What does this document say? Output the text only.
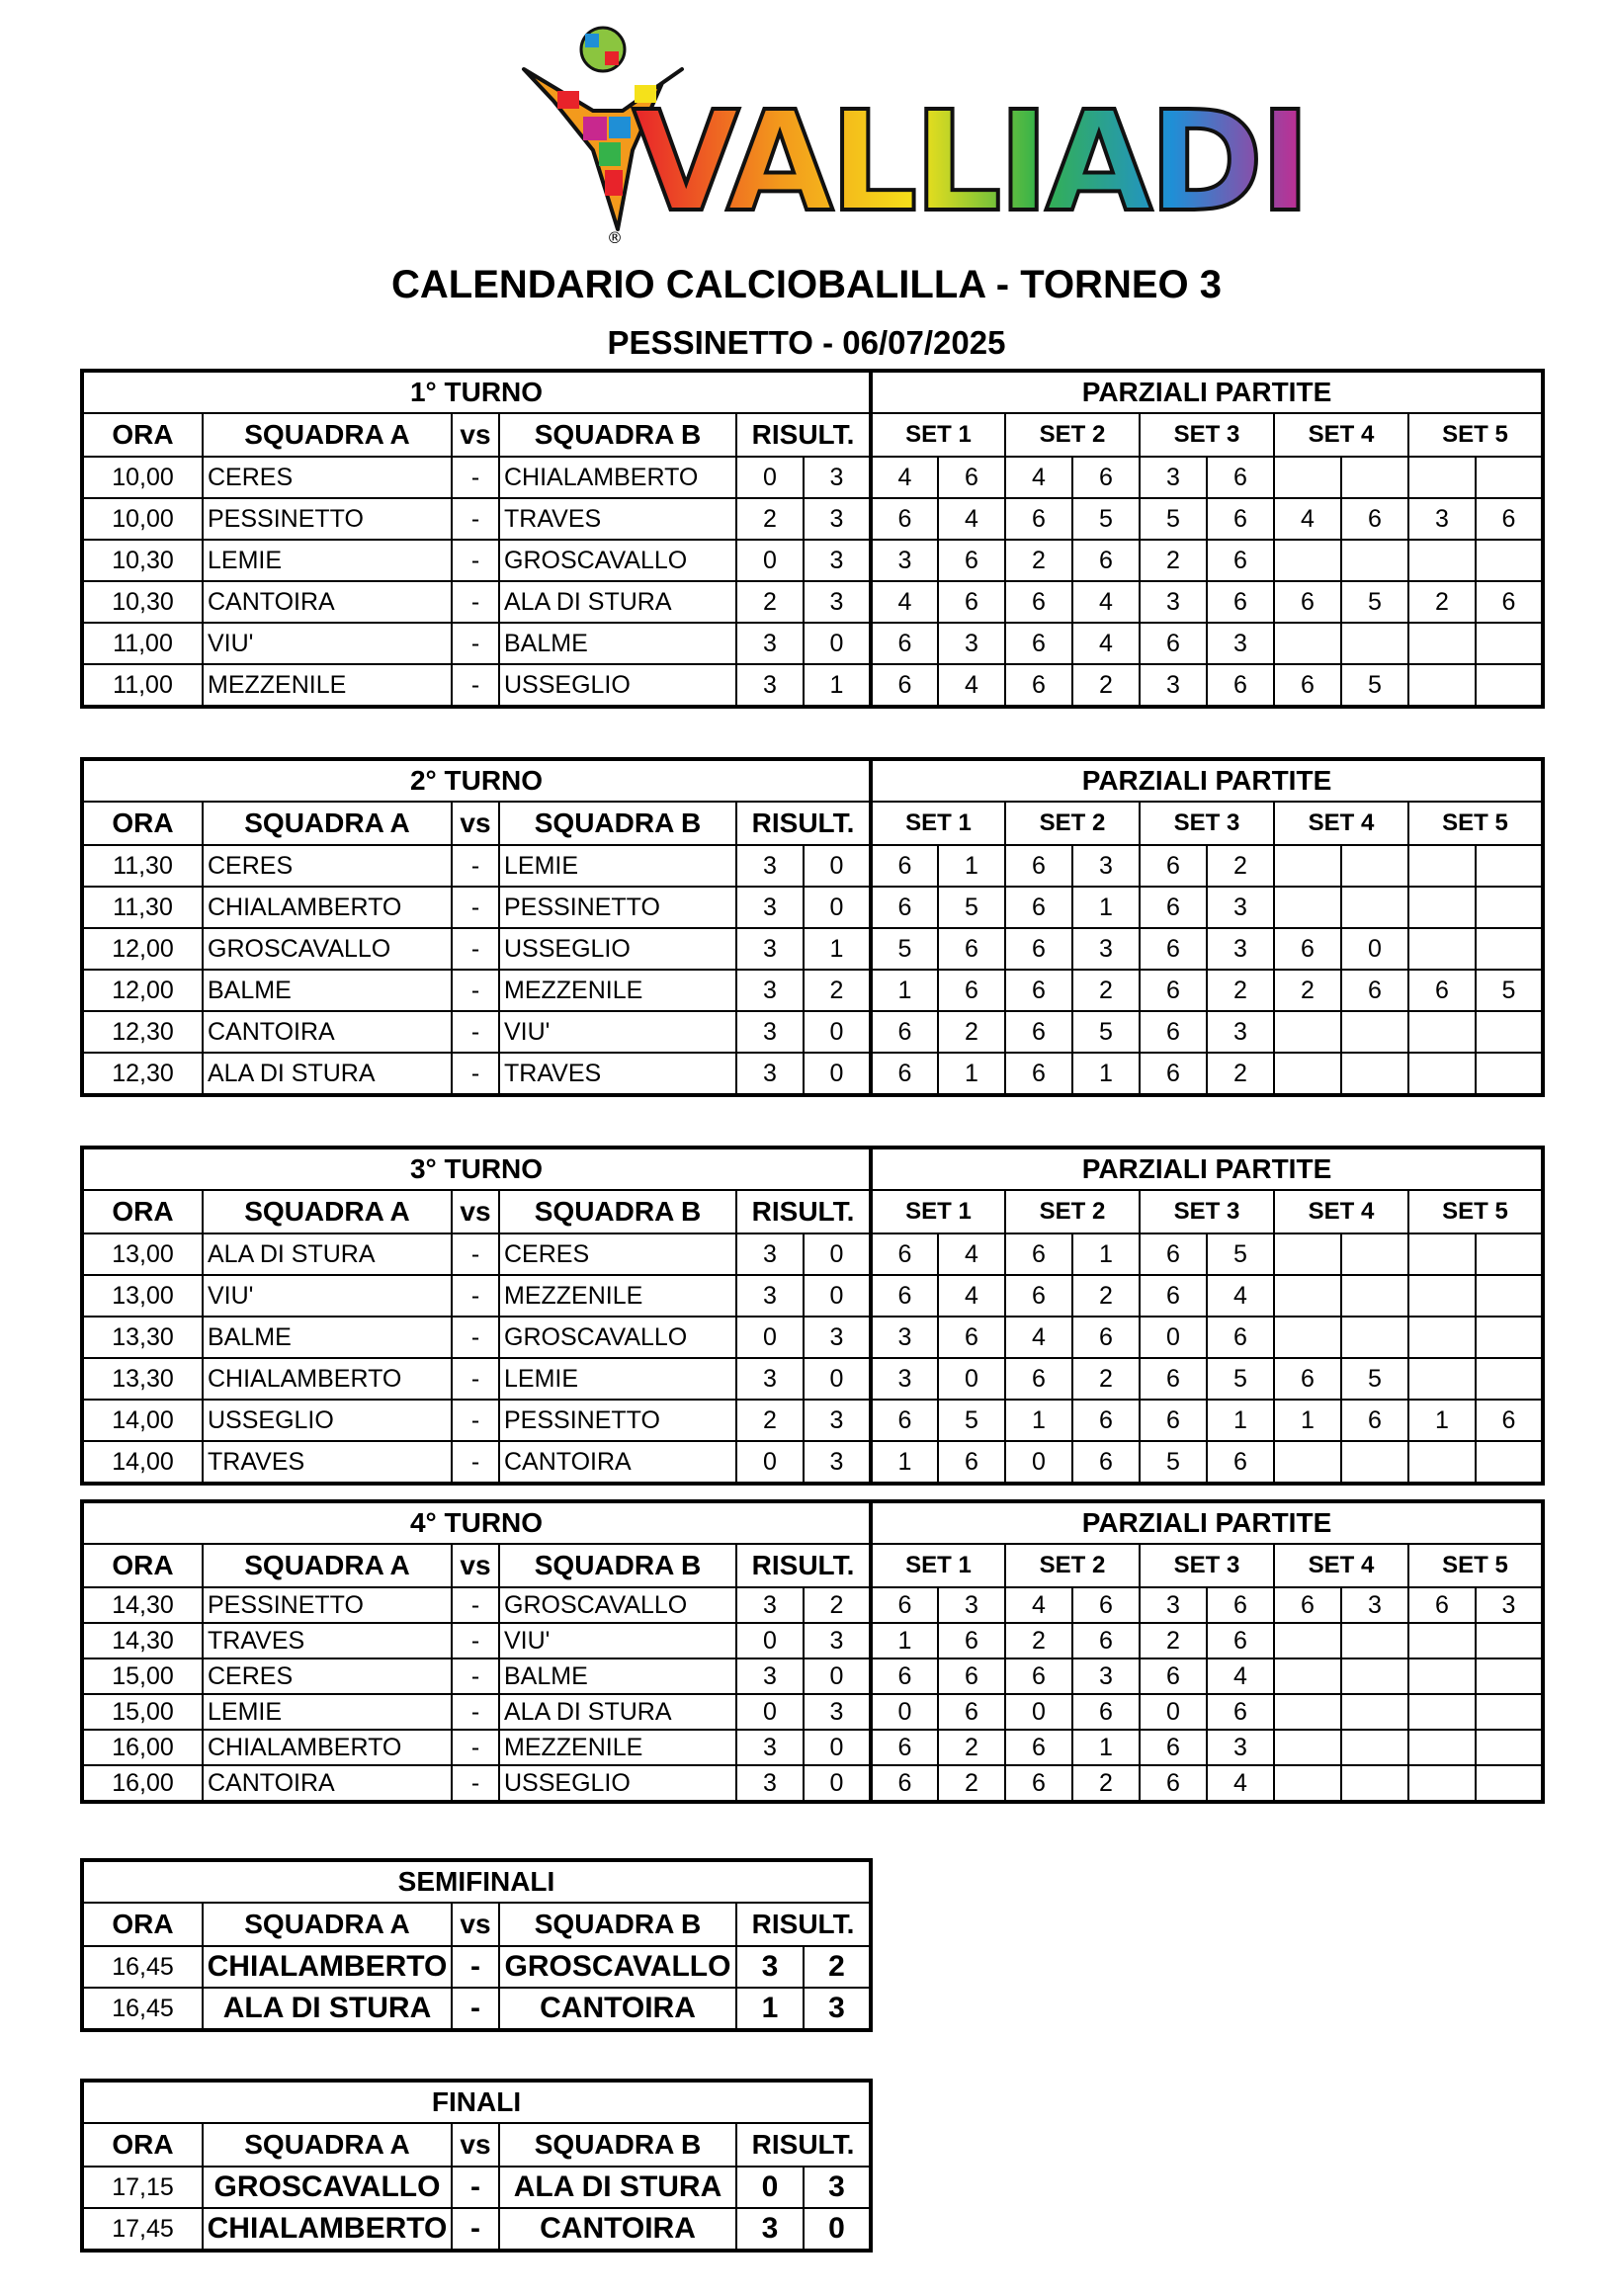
® VALLIADI
CALENDARIO CALCIOBALILLA - TORNEO 3
PESSINETTO - 06/07/2025
1° TURNO						PARZIALI PARTITE									
ORA	SQUADRA A	vs	SQUADRA B	RISULT.		SET 1		SET 2		SET 3		SET 4		SET 5	
10,00	CERES	-	CHIALAMBERTO	0	3	4	6	4	6	3	6				
10,00	PESSINETTO	-	TRAVES	2	3	6	4	6	5	5	6	4	6	3	6
10,30	LEMIE	-	GROSCAVALLO	0	3	3	6	2	6	2	6				
10,30	CANTOIRA	-	ALA DI STURA	2	3	4	6	6	4	3	6	6	5	2	6
11,00	VIU'	-	BALME	3	0	6	3	6	4	6	3				
11,00	MEZZENILE	-	USSEGLIO	3	1	6	4	6	2	3	6	6	5		
2° TURNO						PARZIALI PARTITE									
ORA	SQUADRA A	vs	SQUADRA B	RISULT.		SET 1		SET 2		SET 3		SET 4		SET 5	
11,30	CERES	-	LEMIE	3	0	6	1	6	3	6	2				
11,30	CHIALAMBERTO	-	PESSINETTO	3	0	6	5	6	1	6	3				
12,00	GROSCAVALLO	-	USSEGLIO	3	1	5	6	6	3	6	3	6	0		
12,00	BALME	-	MEZZENILE	3	2	1	6	6	2	6	2	2	6	6	5
12,30	CANTOIRA	-	VIU'	3	0	6	2	6	5	6	3				
12,30	ALA DI STURA	-	TRAVES	3	0	6	1	6	1	6	2				
3° TURNO						PARZIALI PARTITE									
ORA	SQUADRA A	vs	SQUADRA B	RISULT.		SET 1		SET 2		SET 3		SET 4		SET 5	
13,00	ALA DI STURA	-	CERES	3	0	6	4	6	1	6	5				
13,00	VIU'	-	MEZZENILE	3	0	6	4	6	2	6	4				
13,30	BALME	-	GROSCAVALLO	0	3	3	6	4	6	0	6				
13,30	CHIALAMBERTO	-	LEMIE	3	0	3	0	6	2	6	5	6	5		
14,00	USSEGLIO	-	PESSINETTO	2	3	6	5	1	6	6	1	1	6	1	6
14,00	TRAVES	-	CANTOIRA	0	3	1	6	0	6	5	6				
4° TURNO						PARZIALI PARTITE									
ORA	SQUADRA A	vs	SQUADRA B	RISULT.		SET 1		SET 2		SET 3		SET 4		SET 5	
14,30	PESSINETTO	-	GROSCAVALLO	3	2	6	3	4	6	3	6	6	3	6	3
14,30	TRAVES	-	VIU'	0	3	1	6	2	6	2	6				
15,00	CERES	-	BALME	3	0	6	6	6	3	6	4				
15,00	LEMIE	-	ALA DI STURA	0	3	0	6	0	6	0	6				
16,00	CHIALAMBERTO	-	MEZZENILE	3	0	6	2	6	1	6	3				
16,00	CANTOIRA	-	USSEGLIO	3	0	6	2	6	2	6	4				
SEMIFINALI					
ORA	SQUADRA A	vs	SQUADRA B	RISULT.	
16,45	CHIALAMBERTO	-	GROSCAVALLO	3	2
16,45	ALA DI STURA	-	CANTOIRA	1	3
FINALI					
ORA	SQUADRA A	vs	SQUADRA B	RISULT.	
17,15	GROSCAVALLO	-	ALA DI STURA	0	3
17,45	CHIALAMBERTO	-	CANTOIRA	3	0
